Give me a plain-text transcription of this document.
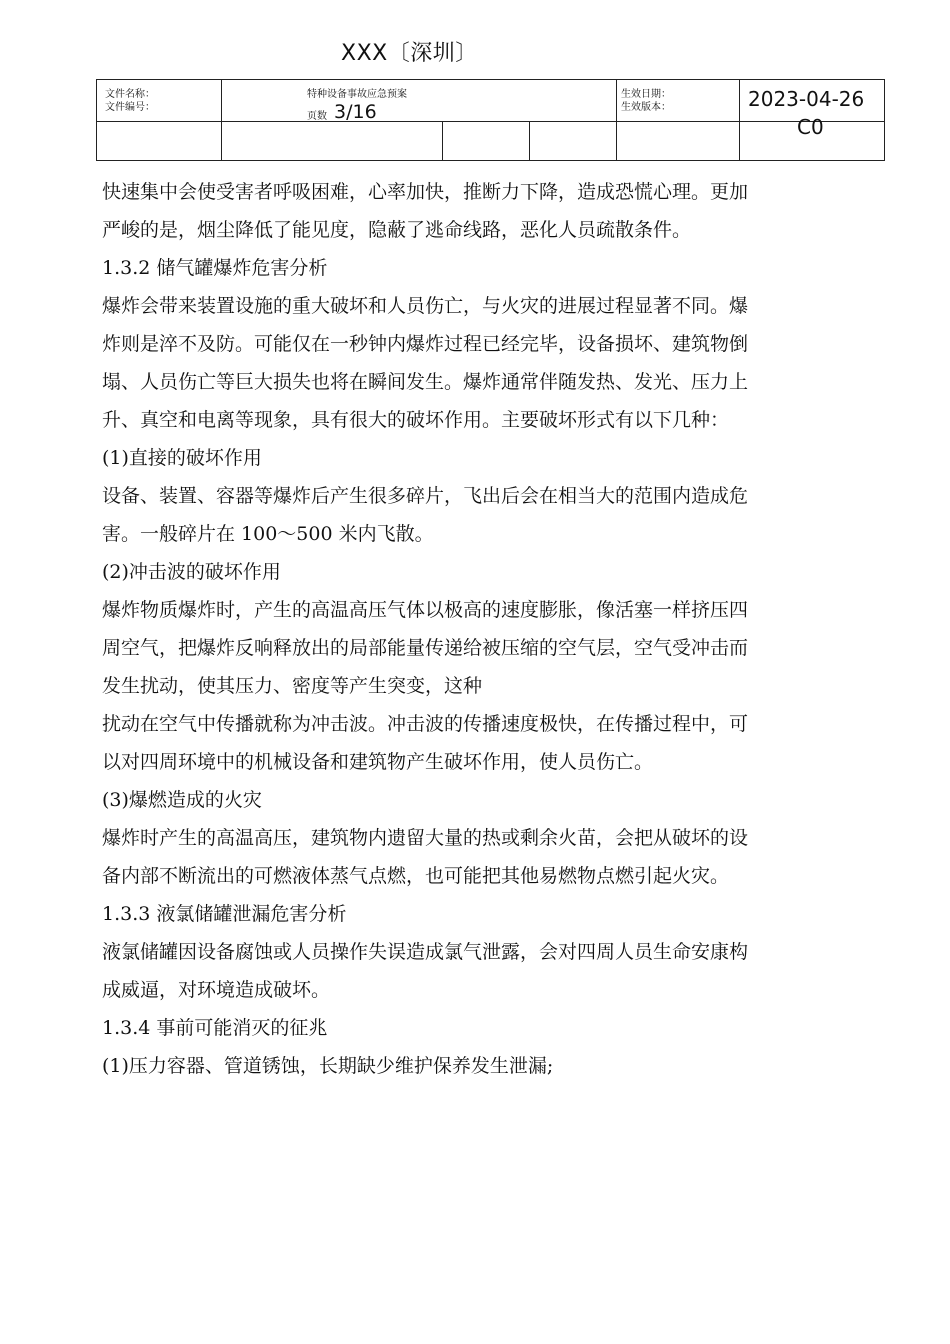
XXX〔深圳〕
文件名称：
文件编号：
特种设备事故应急预案
页数 3/16
生效日期：
生效版本：	2023-04-26
C0

快速集中会使受害者呼吸困难，心率加快，推断力下降，造成恐慌心理。更加

严峻的是，烟尘降低了能见度，隐蔽了逃命线路，恶化人员疏散条件。

1.3.2 储气罐爆炸危害分析

爆炸会带来装置设施的重大破坏和人员伤亡，与火灾的进展过程显著不同。爆

炸则是淬不及防。可能仅在一秒钟内爆炸过程已经完毕，设备损坏、建筑物倒

塌、人员伤亡等巨大损失也将在瞬间发生。爆炸通常伴随发热、发光、压力上

升、真空和电离等现象，具有很大的破坏作用。主要破坏形式有以下几种：

(1)直接的破坏作用

设备、装置、容器等爆炸后产生很多碎片，飞出后会在相当大的范围内造成危

害。一般碎片在 100～500 米内飞散。

(2)冲击波的破坏作用

爆炸物质爆炸时，产生的高温高压气体以极高的速度膨胀，像活塞一样挤压四

周空气，把爆炸反响释放出的局部能量传递给被压缩的空气层，空气受冲击而

发生扰动，使其压力、密度等产生突变，这种

扰动在空气中传播就称为冲击波。冲击波的传播速度极快，在传播过程中，可

以对四周环境中的机械设备和建筑物产生破坏作用，使人员伤亡。

(3)爆燃造成的火灾

爆炸时产生的高温高压，建筑物内遗留大量的热或剩余火苗，会把从破坏的设

备内部不断流出的可燃液体蒸气点燃，也可能把其他易燃物点燃引起火灾。

1.3.3 液氯储罐泄漏危害分析

液氯储罐因设备腐蚀或人员操作失误造成氯气泄露，会对四周人员生命安康构

成威逼，对环境造成破坏。

1.3.4 事前可能消灭的征兆

(1)压力容器、管道锈蚀，长期缺少维护保养发生泄漏;
